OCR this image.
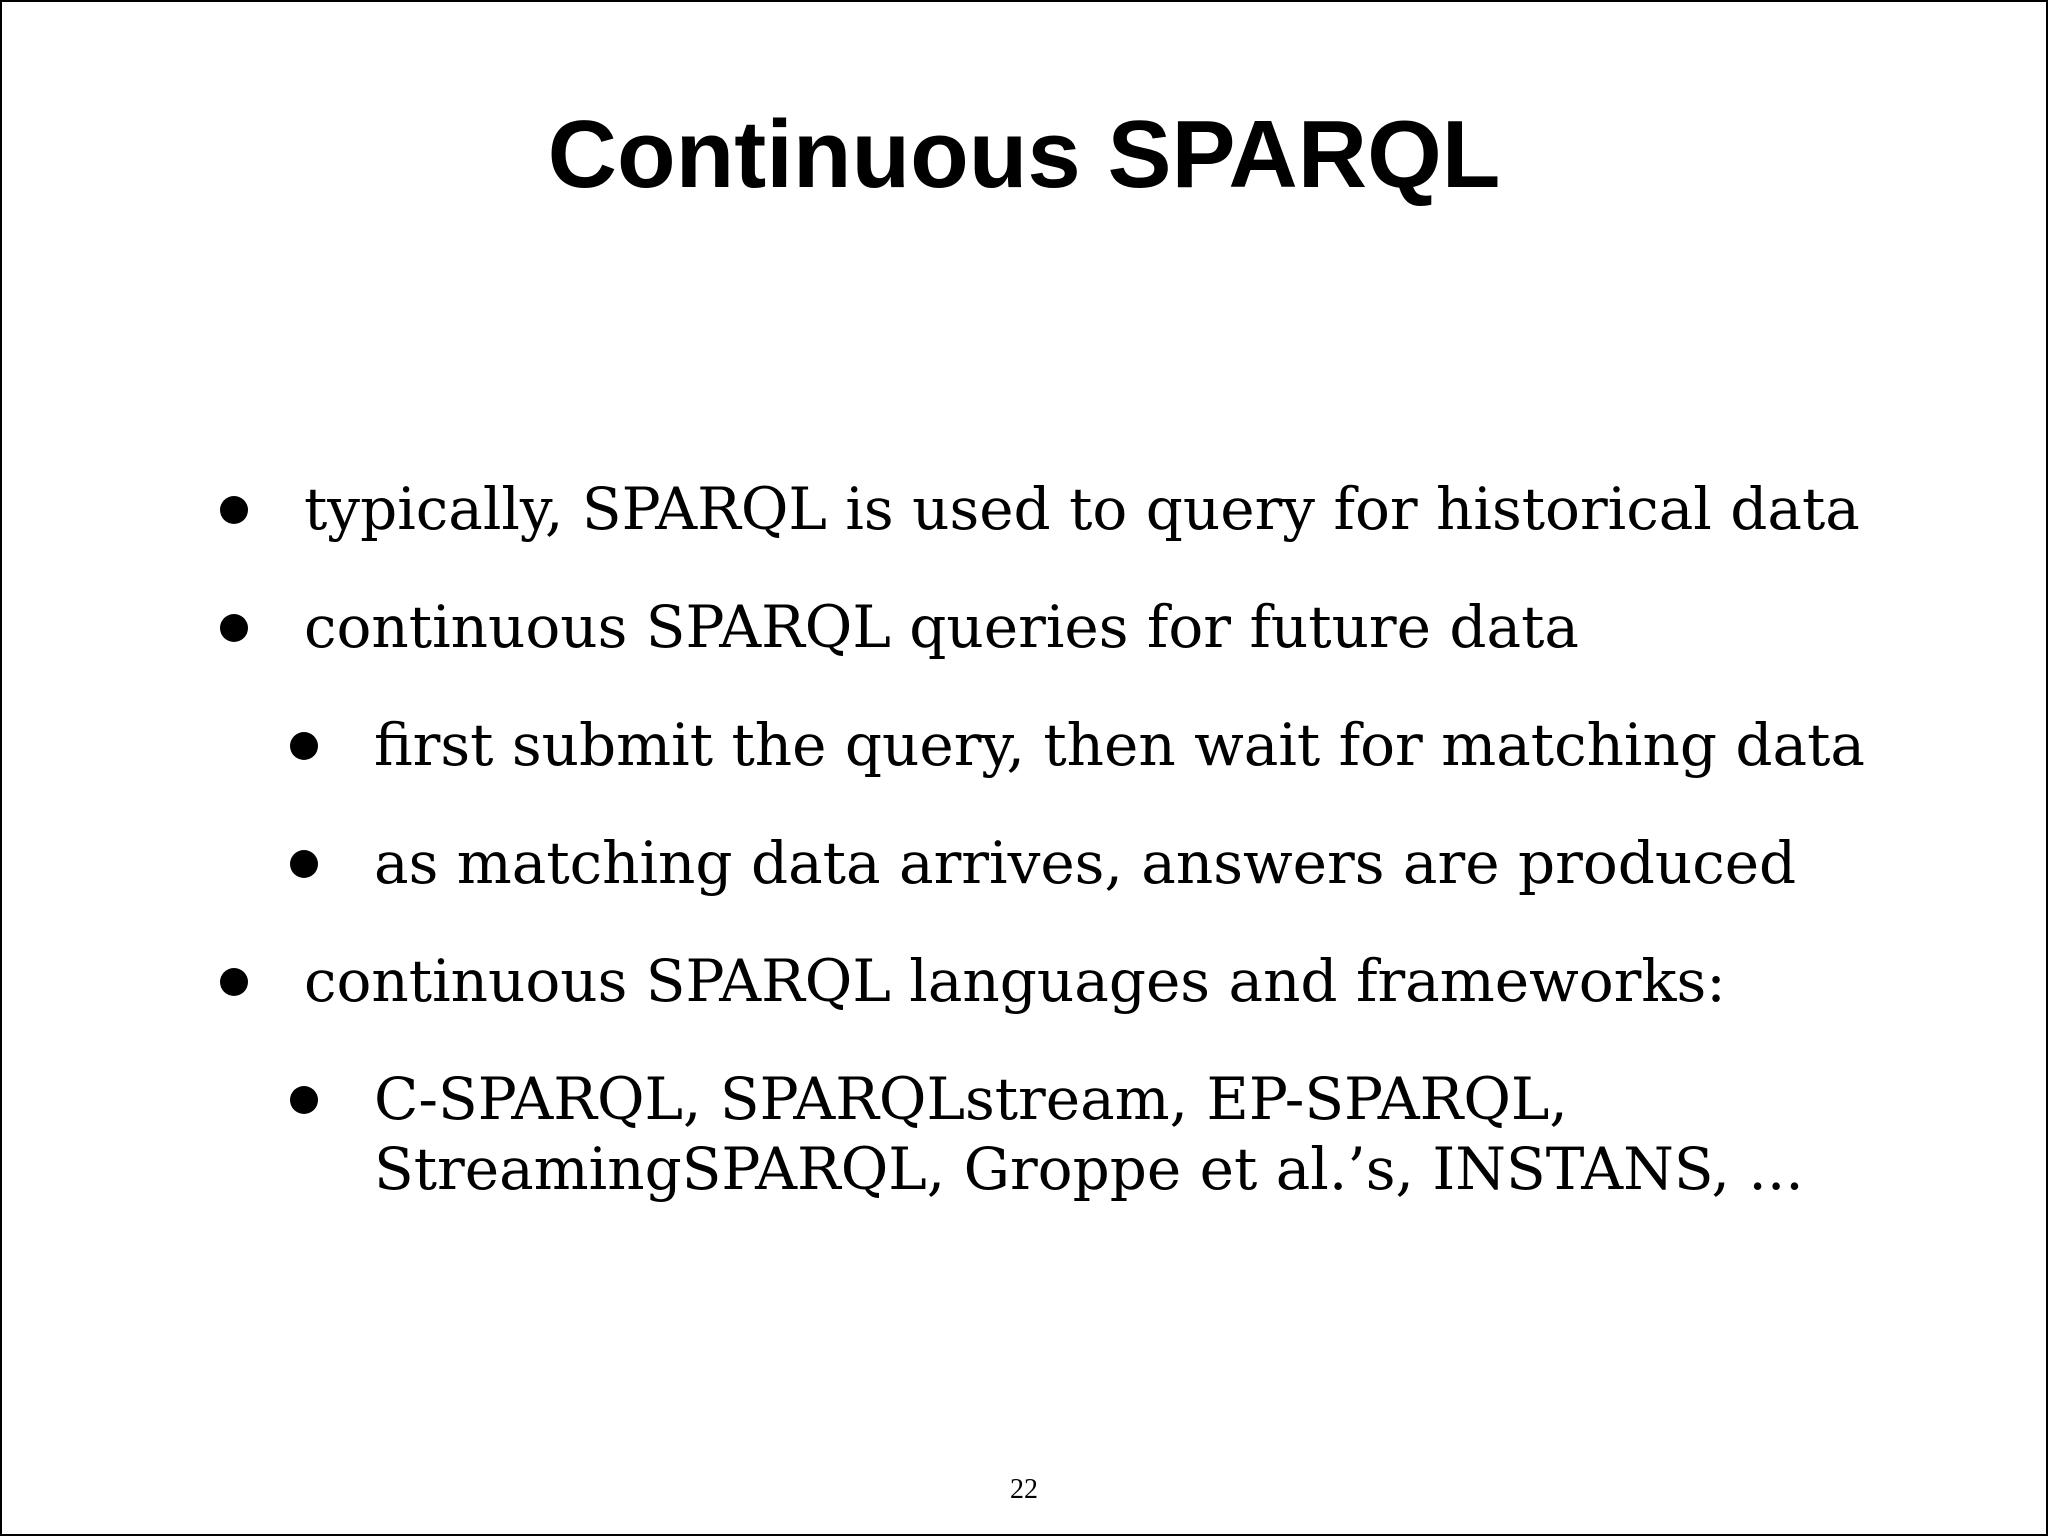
Continuous SPARQL
typically, SPARQL is used to query for historical data
continuous SPARQL queries for future data
first submit the query, then wait for matching data
as matching data arrives, answers are produced
continuous SPARQL languages and frameworks:
C-SPARQL, SPARQLstream, EP-SPARQL,
StreamingSPARQL, Groppe et al.’s, INSTANS, ...
22
